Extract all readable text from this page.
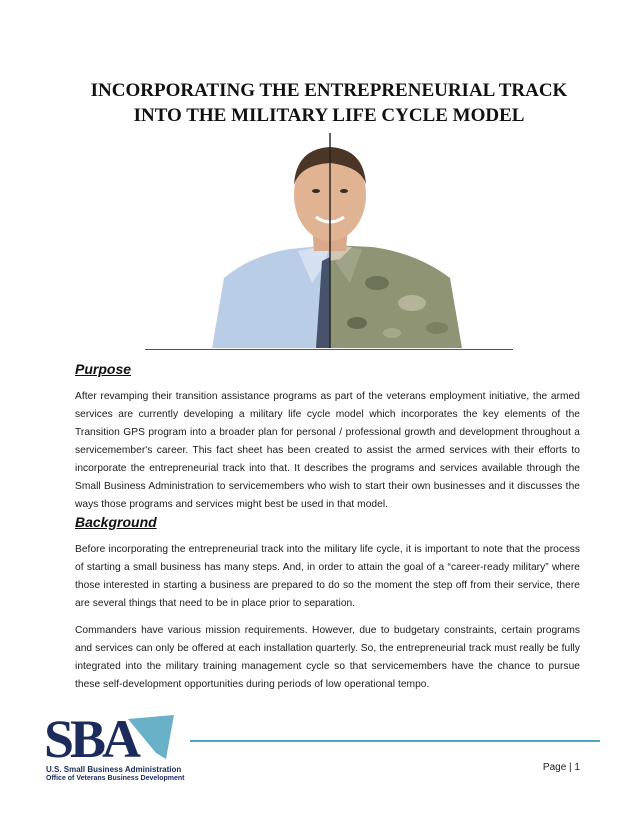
INCORPORATING THE ENTREPRENEURIAL TRACK
INTO THE MILITARY LIFE CYCLE MODEL
Purpose
After revamping their transition assistance programs as part of the veterans employment initiative, the armed services are currently developing a military life cycle model which incorporates the key elements of the Transition GPS program into a broader plan for personal / professional growth and development throughout a servicemember's career. This fact sheet has been created to assist the armed services with their efforts to incorporate the entrepreneurial track into that. It describes the programs and services available through the Small Business Administration to servicemembers who wish to start their own businesses and it discusses the ways those programs and services might best be used in that model.
Background
Before incorporating the entrepreneurial track into the military life cycle, it is important to note that the process of starting a small business has many steps. And, in order to attain the goal of a “career-ready military” where those interested in starting a business are prepared to do so the moment the step off from their service, there are several things that need to be in place prior to separation.
Commanders have various mission requirements. However, due to budgetary constraints, certain programs and services can only be offered at each installation quarterly. So, the entrepreneurial track must really be fully integrated into the military training management cycle so that servicemembers have the chance to pursue these self-development opportunities during periods of low operational tempo.
SBA
U.S. Small Business Administration
Office of Veterans Business Development
Page | 1
